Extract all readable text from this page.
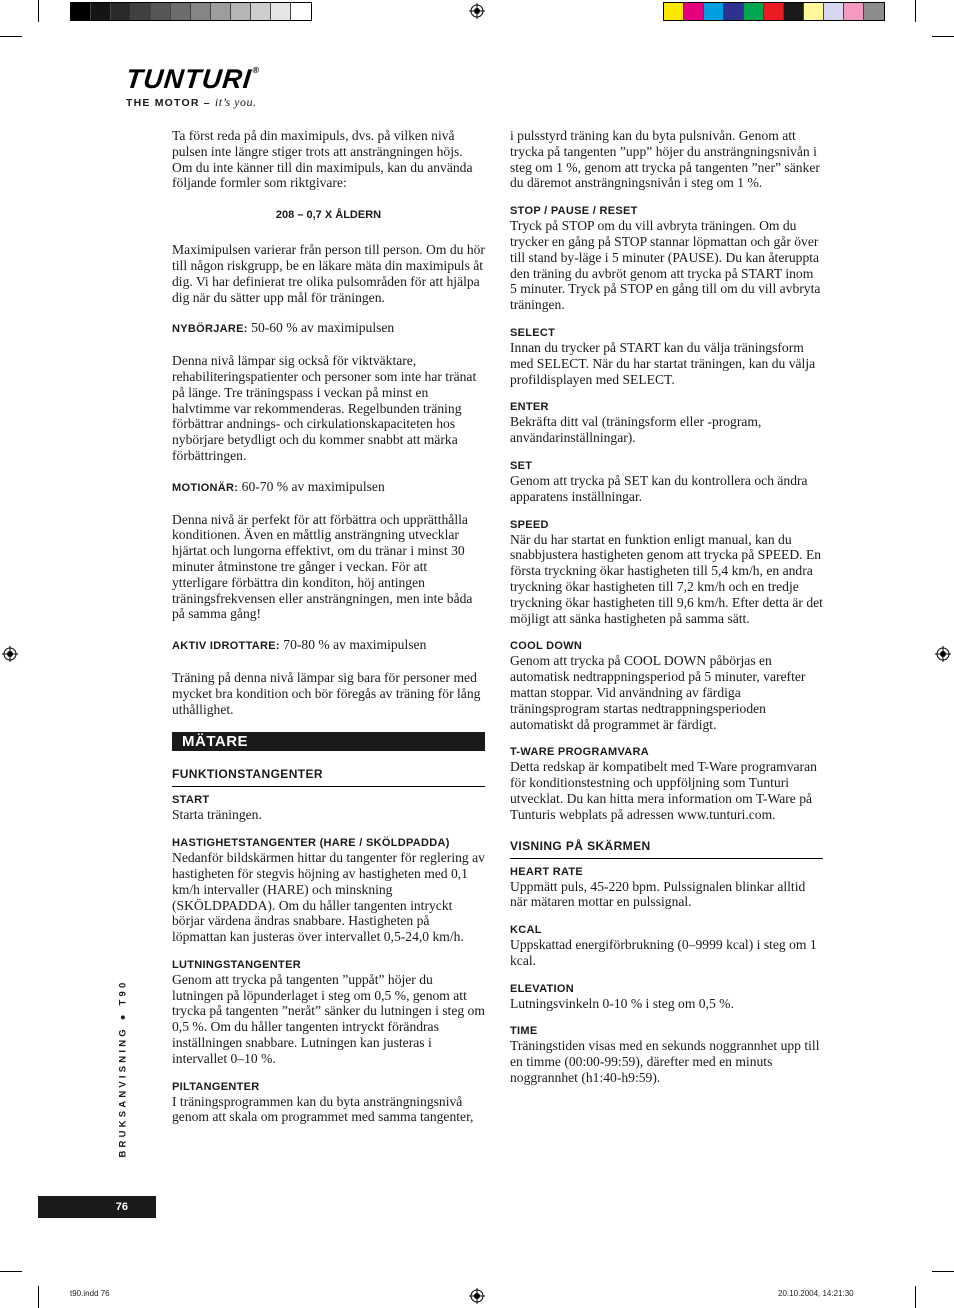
TUNTURI®
THE MOTOR – it’s you.

Ta först reda på din maximipuls, dvs. på vilken nivå pulsen inte längre stiger trots att ansträngningen höjs. Om du inte känner till din maximipuls, kan du använda följande formler som riktgivare:

208 – 0,7 X ÅLDERN

Maximipulsen varierar från person till person. Om du hör till någon riskgrupp, be en läkare mäta din maximipuls åt dig. Vi har definierat tre olika pulsområden för att hjälpa dig när du sätter upp mål för träningen.

NYBÖRJARE: 50-60 % av maximipulsen

Denna nivå lämpar sig också för viktväktare, rehabiliteringspatienter och personer som inte har tränat på länge. Tre träningspass i veckan på minst en halvtimme var rekommenderas. Regelbunden träning förbättrar andnings- och cirkulationskapaciteten hos nybörjare betydligt och du kommer snabbt att märka förbättringen.

MOTIONÄR: 60-70 % av maximipulsen

Denna nivå är perfekt för att förbättra och upprätthålla konditionen. Även en måttlig ansträngning utvecklar hjärtat och lungorna effektivt, om du tränar i minst 30 minuter åtminstone tre gånger i veckan. För att ytterligare förbättra din konditon, höj antingen träningsfrekvensen eller ansträngningen, men inte båda på samma gång!

AKTIV IDROTTARE: 70-80 % av maximipulsen

Träning på denna nivå lämpar sig bara för personer med mycket bra kondition och bör föregås av träning för lång uthållighet.

MÄTARE
FUNKTIONSTANGENTER
START

Starta träningen.

HASTIGHETSTANGENTER (HARE / SKÖLDPADDA)

Nedanför bildskärmen hittar du tangenter för reglering av hastigheten för stegvis höjning av hastigheten med 0,1 km/h intervaller (HARE) och minskning (SKÖLDPADDA). Om du håller tangenten intryckt börjar värdena ändras snabbare. Hastigheten på löpmattan kan justeras över intervallet 0,5-24,0 km/h.

LUTNINGSTANGENTER

Genom att trycka på tangenten ”uppåt” höjer du lutningen på löpunderlaget i steg om 0,5 %, genom att trycka på tangenten ”neråt” sänker du lutningen i steg om 0,5 %. Om du håller tangenten intryckt förändras inställningen snabbare. Lutningen kan justeras i intervallet 0–10 %.

PILTANGENTER

I träningsprogrammen kan du byta ansträngningsnivå genom att skala om programmet med samma tangenter,

i pulsstyrd träning kan du byta pulsnivån. Genom att trycka på tangenten ”upp” höjer du ansträngningsnivån i steg om 1 %, genom att trycka på tangenten ”ner” sänker du däremot ansträngningsnivån i steg om 1 %.

STOP / PAUSE / RESET

Tryck på STOP om du vill avbryta träningen. Om du trycker en gång på STOP stannar löpmattan och går över till stand by-läge i 5 minuter (PAUSE). Du kan återuppta den träning du avbröt genom att trycka på START inom 5 minuter. Tryck på STOP en gång till om du vill avbryta träningen.

SELECT

Innan du trycker på START kan du välja träningsform med SELECT. När du har startat träningen, kan du välja profildisplayen med SELECT.

ENTER

Bekräfta ditt val (träningsform eller -program, användarinställningar).

SET

Genom att trycka på SET kan du kontrollera och ändra apparatens inställningar.

SPEED

När du har startat en funktion enligt manual, kan du snabbjustera hastigheten genom att trycka på SPEED. En första tryckning ökar hastigheten till 5,4 km/h, en andra tryckning ökar hastigheten till 7,2 km/h och en tredje tryckning ökar hastigheten till 9,6 km/h. Efter detta är det möjligt att sänka hastigheten på samma sätt.

COOL DOWN

Genom att trycka på COOL DOWN påbörjas en automatisk nedtrappningsperiod på 5 minuter, varefter mattan stoppar. Vid användning av färdiga träningsprogram startas nedtrappningsperioden automatiskt då programmet är färdigt.

T-WARE PROGRAMVARA

Detta redskap är kompatibelt med T-Ware programvaran för konditionstestning och uppföljning som Tunturi utvecklat. Du kan hitta mera information om T-Ware på Tunturis webplats på adressen www.tunturi.com.

VISNING PÅ SKÄRMEN
HEART RATE

Uppmätt puls, 45-220 bpm. Pulssignalen blinkar alltid när mätaren mottar en pulssignal.

KCAL

Uppskattad energiförbrukning (0–9999 kcal) i steg om 1 kcal.

ELEVATION

Lutningsvinkeln 0-10 % i steg om 0,5 %.

TIME

Träningstiden visas med en sekunds noggrannhet upp till en timme (00:00-99:59), därefter med en minuts noggrannhet (h1:40-h9:59).

BRUKSANVISNING ● T90
76
t90.indd 76	20.10.2004, 14:21:30
